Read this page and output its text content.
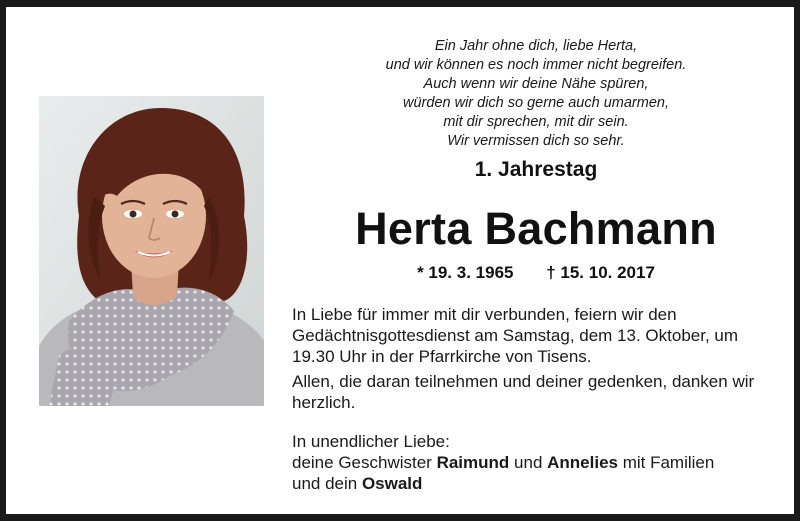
Ein Jahr ohne dich, liebe Herta,
und wir können es noch immer nicht begreifen.
Auch wenn wir deine Nähe spüren,
würden wir dich so gerne auch umarmen,
mit dir sprechen, mit dir sein.
Wir vermissen dich so sehr.
1. Jahrestag
Herta Bachmann
* 19. 3. 1965 † 15. 10. 2017
In Liebe für immer mit dir verbunden, feiern wir den Gedächtnisgottesdienst am Samstag, dem 13. Oktober, um 19.30 Uhr in der Pfarrkirche von Tisens.
Allen, die daran teilnehmen und deiner gedenken, danken wir herzlich.
In unendlicher Liebe:
deine Geschwister Raimund und Annelies mit Familien
und dein Oswald
